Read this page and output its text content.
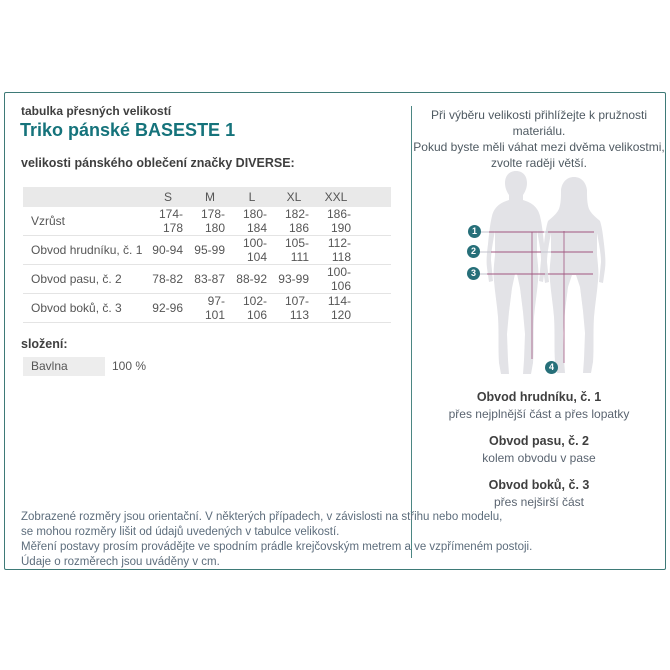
tabulka přesných velikostí
Triko pánské BASESTE 1
velikosti pánského oblečení značky DIVERSE:
	S	M	L	XL	XXL	
Vzrůst	174-178	178-180	180-184	182-186	186-190	
Obvod hrudníku, č. 1	90-94	95-99	100-104	105-111	112-118	
Obvod pasu, č. 2	78-82	83-87	88-92	93-99	100-106	
Obvod boků, č. 3	92-96	97-101	102-106	107-113	114-120	
složení:
Bavlna	100 %
Zobrazené rozměry jsou orientační. V některých případech, v závislosti na střihu nebo modelu,
se mohou rozměry lišit od údajů uvedených v tabulce velikostí.
Měření postavy prosím provádějte ve spodním prádle krejčovským metrem a ve vzpřímeném postoji.
Údaje o rozměrech jsou uváděny v cm.
Při výběru velikosti přihlížejte k pružnosti materiálu.
Pokud byste měli váhat mezi dvěma velikostmi,
zvolte raději větší.
1
2
3
4
Obvod hrudníku, č. 1
přes nejplnější část a přes lopatky
Obvod pasu, č. 2
kolem obvodu v pase
Obvod boků, č. 3
přes nejširší část
